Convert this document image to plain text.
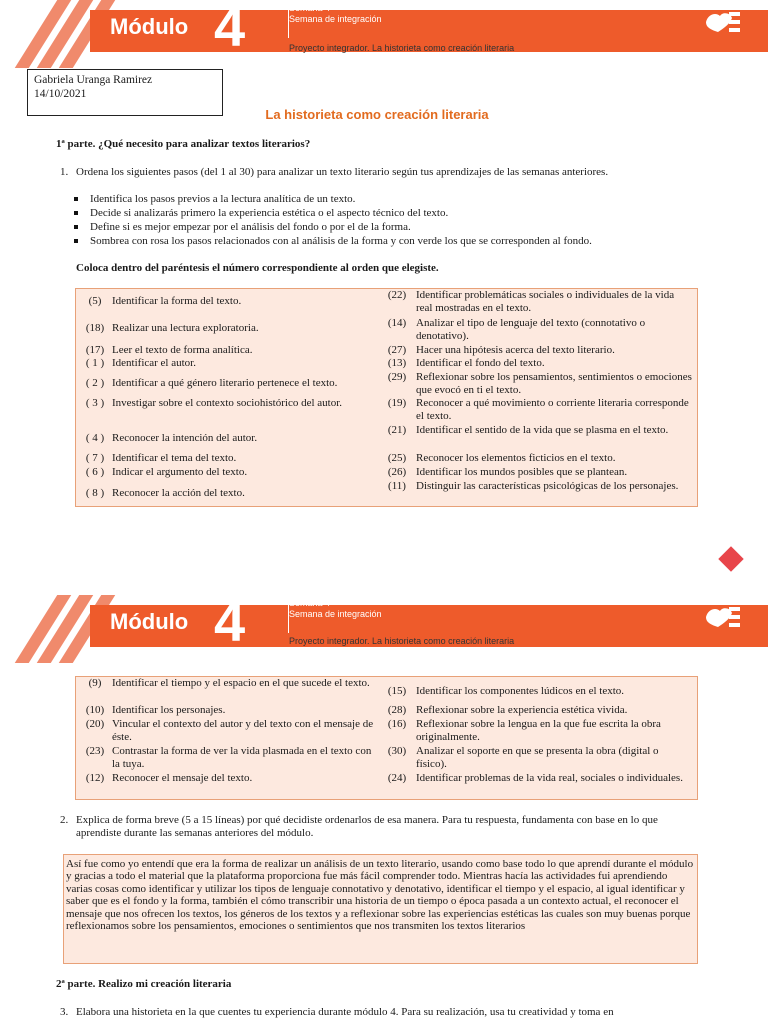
Módulo 4	Semana 4
Semana de integración
Proyecto integrador. La historieta como creación literaria
Gabriela Uranga Ramirez
14/10/2021
La historieta como creación literaria
1ª parte. ¿Qué necesito para analizar textos literarios?
1. Ordena los siguientes pasos (del 1 al 30) para analizar un texto literario según tus aprendizajes de las semanas anteriores.
Identifica los pasos previos a la lectura analítica de un texto.
Decide si analizarás primero la experiencia estética o el aspecto técnico del texto.
Define si es mejor empezar por el análisis del fondo o por el de la forma.
Sombrea con rosa los pasos relacionados con al análisis de la forma y con verde los que se corresponden al fondo.
Coloca dentro del paréntesis el número correspondiente al orden que elegiste.
(5) Identificar la forma del texto.
(18) Realizar una lectura exploratoria.
(17) Leer el texto de forma analítica.
( 1 ) Identificar el autor.
( 2 ) Identificar a qué género literario pertenece el texto.
( 3 ) Investigar sobre el contexto sociohistórico del autor.
( 4 ) Reconocer la intención del autor.
( 7 ) Identificar el tema del texto.
( 6 ) Indicar el argumento del texto.
( 8 ) Reconocer la acción del texto.
(22) Identificar problemáticas sociales o individuales de la vida real mostradas en el texto.
(14) Analizar el tipo de lenguaje del texto (connotativo o denotativo).
(27) Hacer una hipótesis acerca del texto literario.
(13) Identificar el fondo del texto.
(29) Reflexionar sobre los pensamientos, sentimientos o emociones que evocó en ti el texto.
(19) Reconocer a qué movimiento o corriente literaria corresponde el texto.
(21) Identificar el sentido de la vida que se plasma en el texto.
(25) Reconocer los elementos ficticios en el texto.
(26) Identificar los mundos posibles que se plantean.
(11) Distinguir las características psicológicas de los personajes.
Módulo 4	Semana 4
Semana de integración
Proyecto integrador. La historieta como creación literaria
(9) Identificar el tiempo y el espacio en el que sucede el texto.
(10) Identificar los personajes.
(20) Vincular el contexto del autor y del texto con el mensaje de éste.
(23) Contrastar la forma de ver la vida plasmada en el texto con la tuya.
(12) Reconocer el mensaje del texto.
(15) Identificar los componentes lúdicos en el texto.
(28) Reflexionar sobre la experiencia estética vivida.
(16) Reflexionar sobre la lengua en la que fue escrita la obra originalmente.
(30) Analizar el soporte en que se presenta la obra (digital o físico).
(24) Identificar problemas de la vida real, sociales o individuales.
2. Explica de forma breve (5 a 15 líneas) por qué decidiste ordenarlos de esa manera. Para tu respuesta, fundamenta con base en lo que aprendiste durante las semanas anteriores del módulo.
Así fue como yo entendí que era la forma de realizar un análisis de un texto literario, usando como base todo lo que aprendí durante el módulo y gracias a todo el material que la plataforma proporciona fue más fácil comprender todo. Mientras hacía las actividades fui aprendiendo varias cosas como identificar y utilizar los tipos de lenguaje connotativo y denotativo, identificar el tiempo y el espacio, al igual identificar y saber que es el fondo y la forma, también el cómo transcribir una historia de un tiempo o época pasada a un contexto actual, el reconocer el mensaje que nos ofrecen los textos, los géneros de los textos y a reflexionar sobre las experiencias estéticas las cuales son muy buenas porque reflexionamos sobre los pensamientos, emociones o sentimientos que nos transmiten los textos literarios
2ª parte. Realizo mi creación literaria
3. Elabora una historieta en la que cuentes tu experiencia durante módulo 4. Para su realización, usa tu creatividad y toma en
